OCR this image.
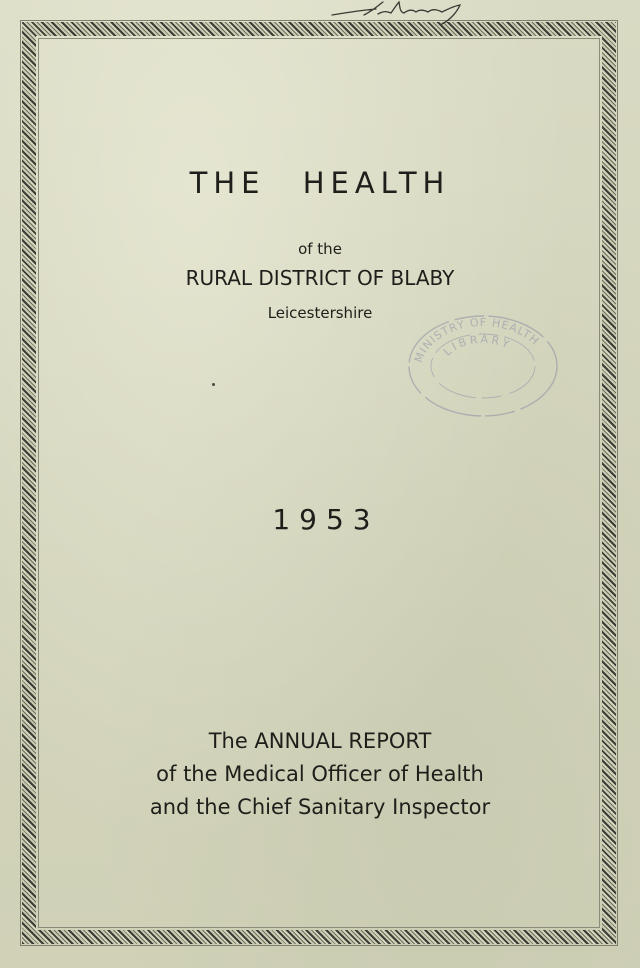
THE HEALTH
of the
RURAL DISTRICT OF BLABY
Leicestershire
MINISTRY OF HEALTH
LIBRARY
1953
The ANNUAL REPORT
of the Medical Officer of Health
and the Chief Sanitary Inspector
